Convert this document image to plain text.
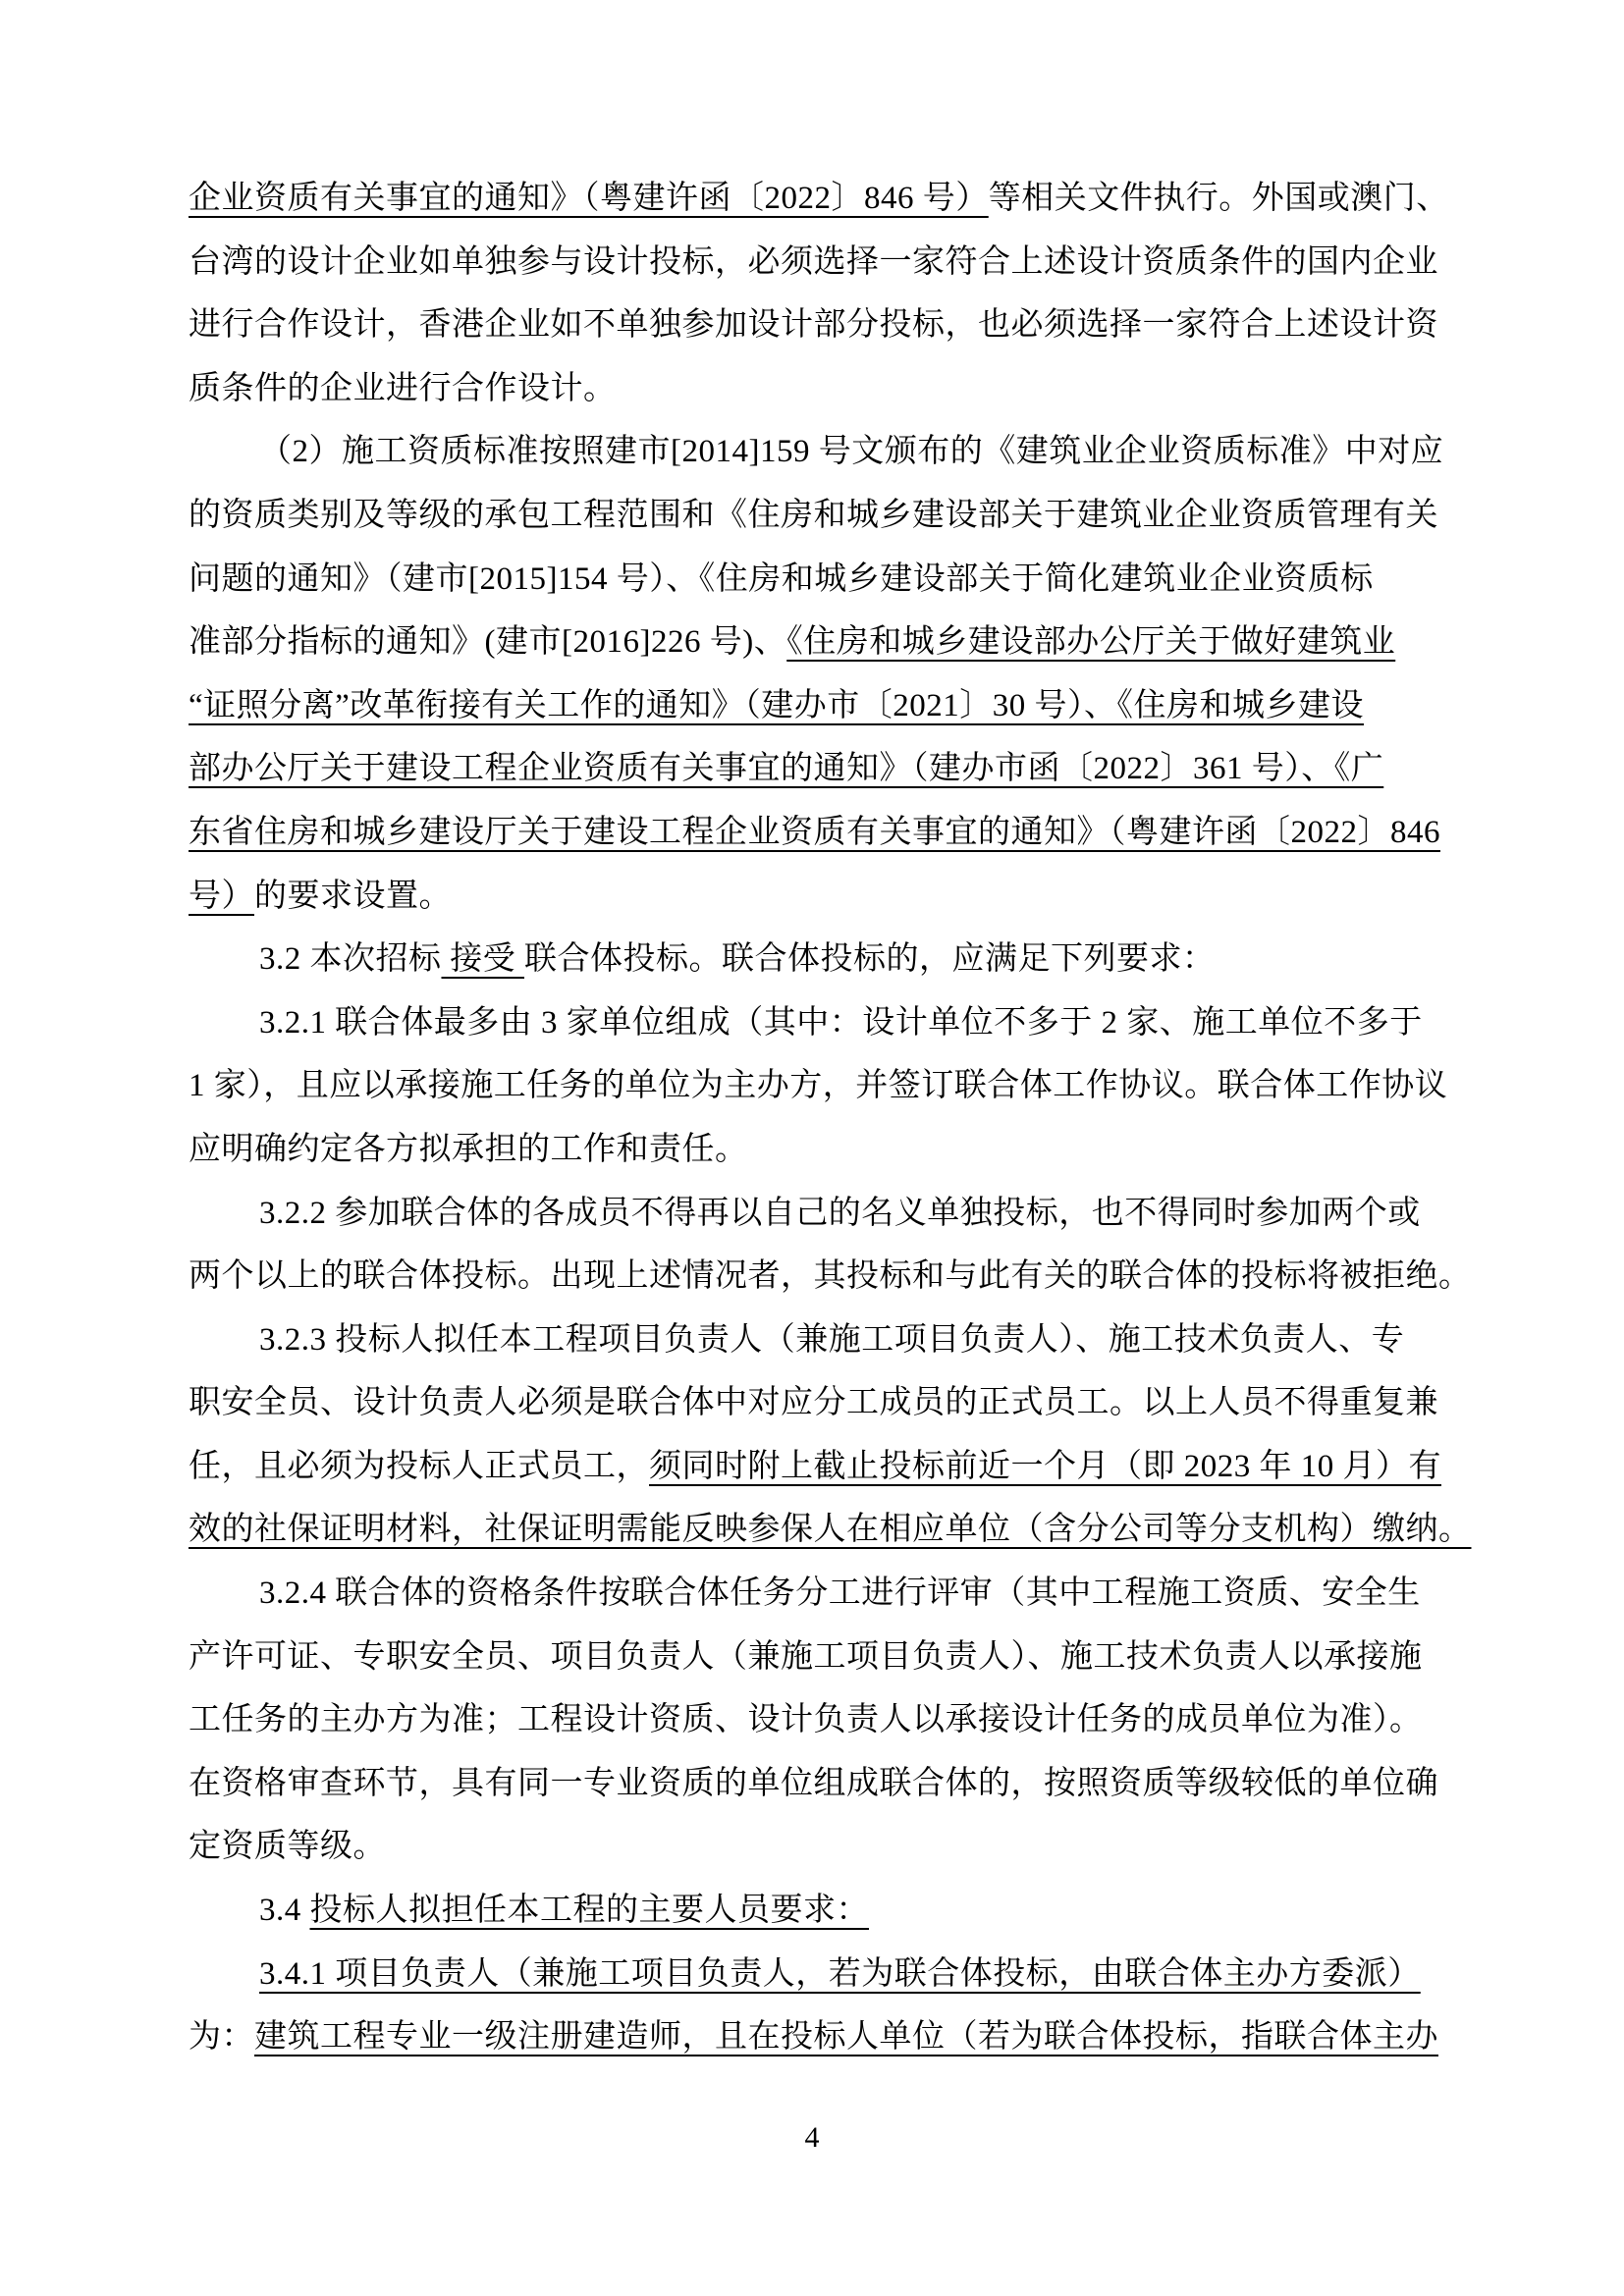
企业资质有关事宜的通知》（粤建许函〔2022〕846 号）等相关文件执行。外国或澳门、
台湾的设计企业如单独参与设计投标，必须选择一家符合上述设计资质条件的国内企业
进行合作设计，香港企业如不单独参加设计部分投标，也必须选择一家符合上述设计资
质条件的企业进行合作设计。
（2）施工资质标准按照建市[2014]159 号文颁布的《建筑业企业资质标准》中对应
的资质类别及等级的承包工程范围和《住房和城乡建设部关于建筑业企业资质管理有关
问题的通知》（建市[2015]154 号）、《住房和城乡建设部关于简化建筑业企业资质标
准部分指标的通知》(建市[2016]226 号)、《住房和城乡建设部办公厅关于做好建筑业
“证照分离”改革衔接有关工作的通知》（建办市〔2021〕30 号）、《住房和城乡建设
部办公厅关于建设工程企业资质有关事宜的通知》（建办市函〔2022〕361 号）、《广
东省住房和城乡建设厅关于建设工程企业资质有关事宜的通知》（粤建许函〔2022〕846
号）的要求设置。
3.2 本次招标 接受 联合体投标。联合体投标的，应满足下列要求：
3.2.1 联合体最多由 3 家单位组成（其中：设计单位不多于 2 家、施工单位不多于
1 家），且应以承接施工任务的单位为主办方，并签订联合体工作协议。联合体工作协议
应明确约定各方拟承担的工作和责任。
3.2.2 参加联合体的各成员不得再以自己的名义单独投标，也不得同时参加两个或
两个以上的联合体投标。出现上述情况者，其投标和与此有关的联合体的投标将被拒绝。
3.2.3 投标人拟任本工程项目负责人（兼施工项目负责人）、施工技术负责人、专
职安全员、设计负责人必须是联合体中对应分工成员的正式员工。以上人员不得重复兼
任，且必须为投标人正式员工，须同时附上截止投标前近一个月（即 2023 年 10 月）有
效的社保证明材料，社保证明需能反映参保人在相应单位（含分公司等分支机构）缴纳。
3.2.4 联合体的资格条件按联合体任务分工进行评审（其中工程施工资质、安全生
产许可证、专职安全员、项目负责人（兼施工项目负责人）、施工技术负责人以承接施
工任务的主办方为准；工程设计资质、设计负责人以承接设计任务的成员单位为准）。
在资格审查环节，具有同一专业资质的单位组成联合体的，按照资质等级较低的单位确
定资质等级。
3.4 投标人拟担任本工程的主要人员要求：
3.4.1 项目负责人（兼施工项目负责人，若为联合体投标，由联合体主办方委派）
为：建筑工程专业一级注册建造师，且在投标人单位（若为联合体投标，指联合体主办
4
